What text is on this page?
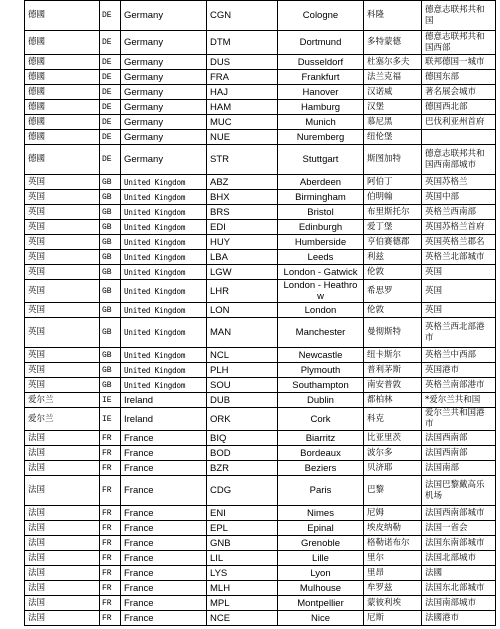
德國	DE	Germany	CGN	Cologne	科隆	德意志联邦共和国
德國	DE	Germany	DTM	Dortmund	多特蒙德	德意志联邦共和国西部
德國	DE	Germany	DUS	Dusseldorf	杜塞尔多夫	联邦德国一城市
德國	DE	Germany	FRA	Frankfurt	法兰克福	德国东部
德國	DE	Germany	HAJ	Hanover	汉诺威	著名展会城市
德國	DE	Germany	HAM	Hamburg	汉堡	德国西北部
德國	DE	Germany	MUC	Munich	慕尼黑	巴伐利亚州首府
德國	DE	Germany	NUE	Nuremberg	纽伦堡	
德國	DE	Germany	STR	Stuttgart	斯图加特	德意志联邦共和国西南部城市
英国	GB	United Kingdom	ABZ	Aberdeen	阿伯丁	英国苏格兰
英国	GB	United Kingdom	BHX	Birmingham	伯明翰	英国中部
英国	GB	United Kingdom	BRS	Bristol	布里斯托尔	英格兰西南部
英国	GB	United Kingdom	EDI	Edinburgh	爱丁堡	英国苏格兰首府
英国	GB	United Kingdom	HUY	Humberside	亨伯赛德郡	英国英格兰郡名
英国	GB	United Kingdom	LBA	Leeds	利兹	英格兰北部城市
英国	GB	United Kingdom	LGW	London - Gatwick	伦敦	英国
英国	GB	United Kingdom	LHR	London - Heathrow	希思罗	英国
英国	GB	United Kingdom	LON	London	伦敦	英国
英国	GB	United Kingdom	MAN	Manchester	曼彻斯特	英格兰西北部港市
英国	GB	United Kingdom	NCL	Newcastle	纽卡斯尔	英格兰中西部
英国	GB	United Kingdom	PLH	Plymouth	普利茅斯	英国港市
英国	GB	United Kingdom	SOU	Southampton	南安普敦	英格兰南部港市
爱尔兰	IE	Ireland	DUB	Dublin	都柏林	*爱尔兰共和国
爱尔兰	IE	Ireland	ORK	Cork	科克	爱尔兰共和国港市
法国	FR	France	BIQ	Biarritz	比亚里茨	法国西南部
法国	FR	France	BOD	Bordeaux	波尔多	法国西南部
法国	FR	France	BZR	Beziers	贝济耶	法国南部
法国	FR	France	CDG	Paris	巴黎	法国巴黎戴高乐机场
法国	FR	France	ENI	Nimes	尼姆	法国西南部城市
法国	FR	France	EPL	Epinal	埃皮纳勒	法国一省会
法国	FR	France	GNB	Grenoble	格勒诺布尔	法国东南部城市
法国	FR	France	LIL	Lille	里尔	法国北部城市
法国	FR	France	LYS	Lyon	里昂	法國
法国	FR	France	MLH	Mulhouse	牟罗兹	法国东北部城市
法国	FR	France	MPL	Montpellier	蒙彼利埃	法国南部城市
法国	FR	France	NCE	Nice	尼斯	法國港市
